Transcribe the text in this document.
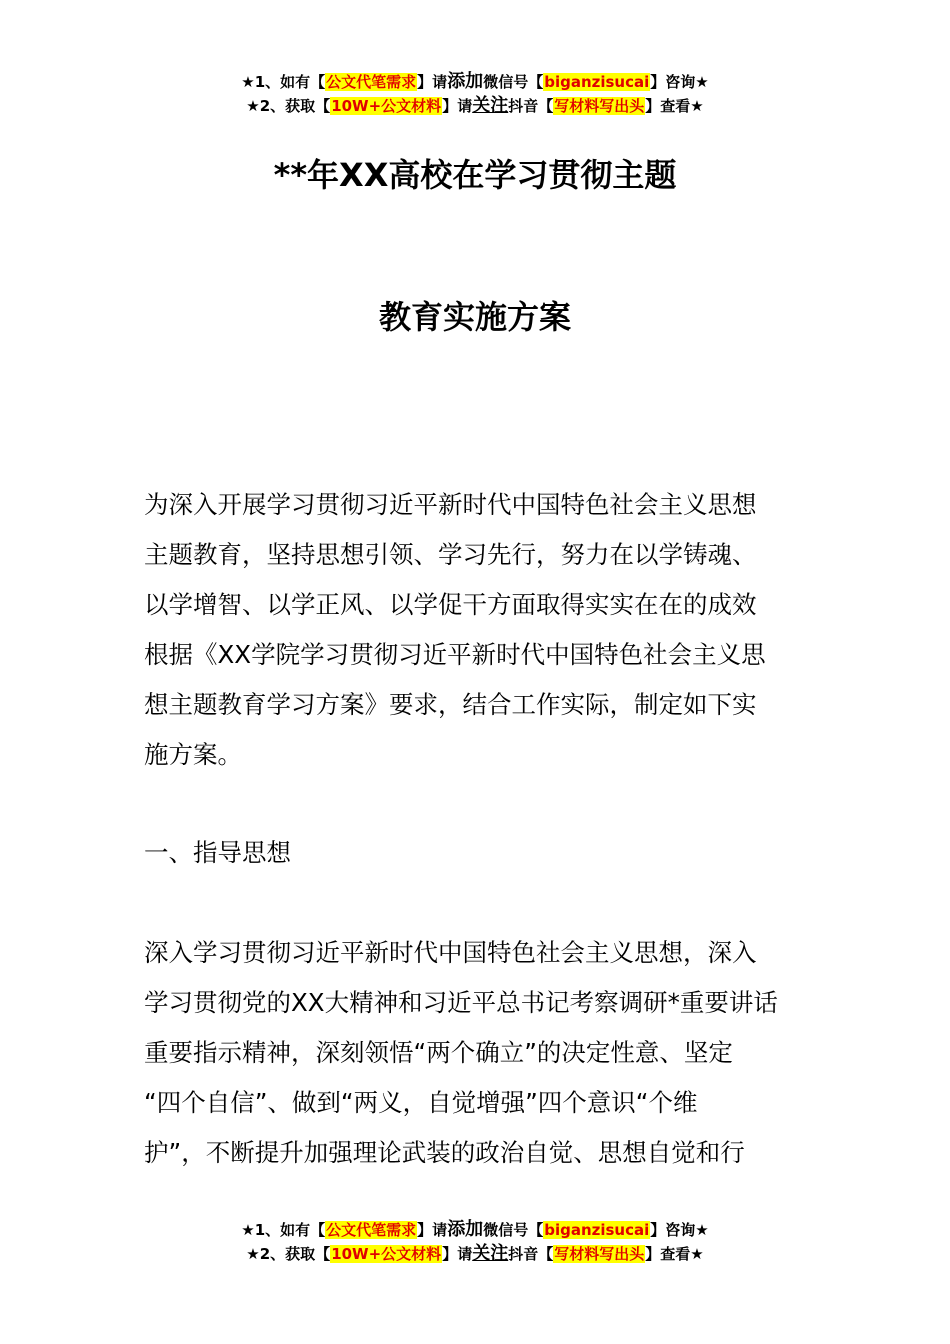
★1、如有【公文代笔需求】请添加微信号【biganzisucai】咨询★
★2、获取【10W+公文材料】请关注抖音【写材料写出头】查看★
**年XX高校在学习贯彻主题
教育实施方案
为深入开展学习贯彻习近平新时代中国特色社会主义思想
主题教育，坚持思想引领、学习先行，努力在以学铸魂、
以学增智、以学正风、以学促干方面取得实实在在的成效
根据《XX学院学习贯彻习近平新时代中国特色社会主义思
想主题教育学习方案》要求，结合工作实际，制定如下实
施方案。
一、指导思想
深入学习贯彻习近平新时代中国特色社会主义思想，深入
学习贯彻党的XX大精神和习近平总书记考察调研*重要讲话
重要指示精神，深刻领悟“两个确立”的决定性意、坚定
“四个自信”、做到“两义，自觉增强”四个意识“个维
护”，不断提升加强理论武装的政治自觉、思想自觉和行
★1、如有【公文代笔需求】请添加微信号【biganzisucai】咨询★
★2、获取【10W+公文材料】请关注抖音【写材料写出头】查看★
